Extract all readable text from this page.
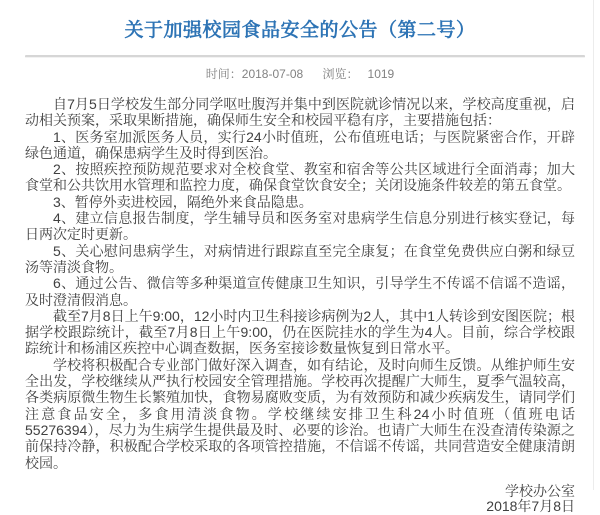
关于加强校园食品安全的公告（第二号）
时间：2018-07-08 浏览： 1019

自7月5日学校发生部分同学呕吐腹泻并集中到医院就诊情况以来，学校高度重视，启动相关预案，采取果断措施，确保师生安全和校园平稳有序，主要措施包括：

1、医务室加派医务人员，实行24小时值班，公布值班电话；与医院紧密合作，开辟绿色通道，确保患病学生及时得到医治。

2、按照疾控预防规范要求对全校食堂、教室和宿舍等公共区域进行全面消毒；加大食堂和公共饮用水管理和监控力度，确保食堂饮食安全；关闭设施条件较差的第五食堂。

3、暂停外卖进校园，隔绝外来食品隐患。

4、建立信息报告制度，学生辅导员和医务室对患病学生信息分别进行核实登记，每日两次定时更新。

5、关心慰问患病学生，对病情进行跟踪直至完全康复；在食堂免费供应白粥和绿豆汤等清淡食物。

6、通过公告、微信等多种渠道宣传健康卫生知识，引导学生不传谣不信谣不造谣，及时澄清假消息。

截至7月8日上午9:00，12小时内卫生科接诊病例为2人，其中1人转诊到安图医院；根据学校跟踪统计，截至7月8日上午9:00，仍在医院挂水的学生为4人。目前，综合学校跟踪统计和杨浦区疾控中心调查数据，医务室接诊数量恢复到日常水平。

学校将积极配合专业部门做好深入调查，如有结论，及时向师生反馈。从维护师生安全出发，学校继续从严执行校园安全管理措施。学校再次提醒广大师生，夏季气温较高，各类病原微生物生长繁殖加快，食物易腐败变质，为有效预防和减少疾病发生，请同学们注意食品安全，多食用清淡食物。学校继续安排卫生科24小时值班（值班电话55276394），尽力为生病学生提供最及时、必要的诊治。也请广大师生在没查清传染源之前保持冷静，积极配合学校采取的各项管控措施，不信谣不传谣，共同营造安全健康清朗校园。

学校办公室
2018年7月8日
